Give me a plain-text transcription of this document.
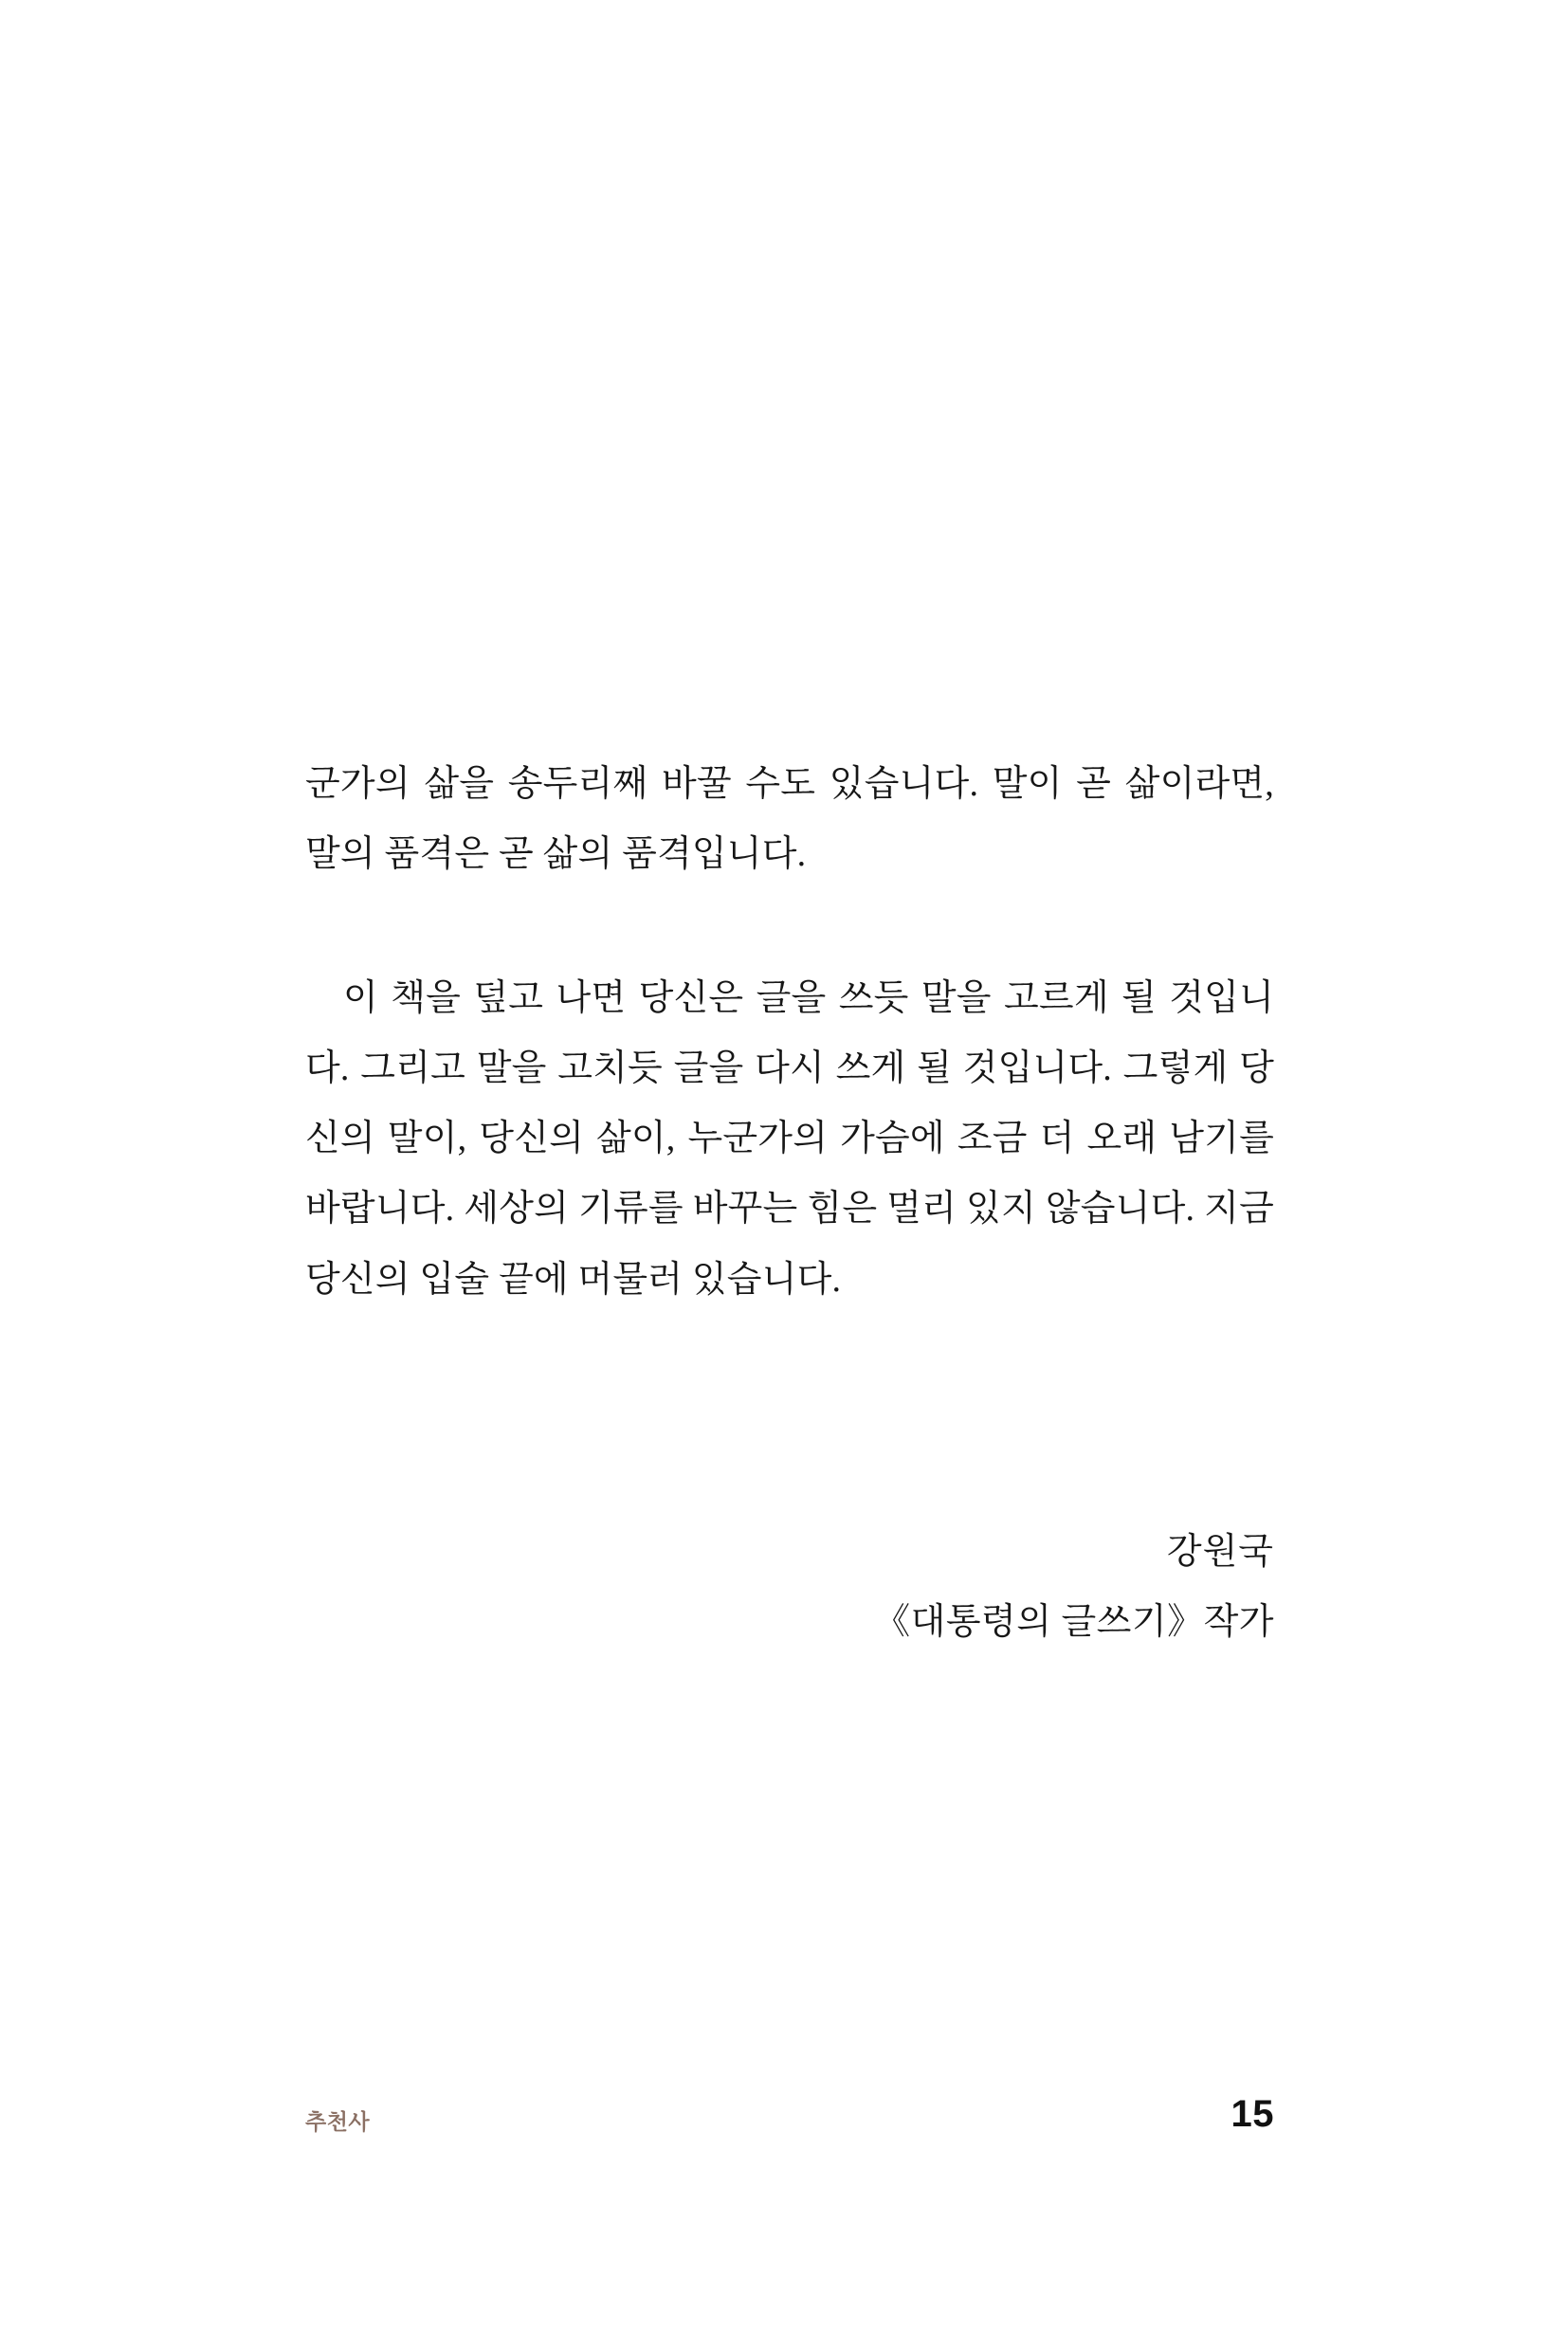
군가의 삶을 송두리째 바꿀 수도 있습니다. 말이 곧 삶이라면, 말의 품격은 곧 삶의 품격입니다.

이 책을 덮고 나면 당신은 글을 쓰듯 말을 고르게 될 것입니다. 그리고 말을 고치듯 글을 다시 쓰게 될 것입니다. 그렇게 당신의 말이, 당신의 삶이, 누군가의 가슴에 조금 더 오래 남기를 바랍니다. 세상의 기류를 바꾸는 힘은 멀리 있지 않습니다. 지금 당신의 입술 끝에 머물러 있습니다.

강원국
《대통령의 글쓰기》작가
추천사	15
